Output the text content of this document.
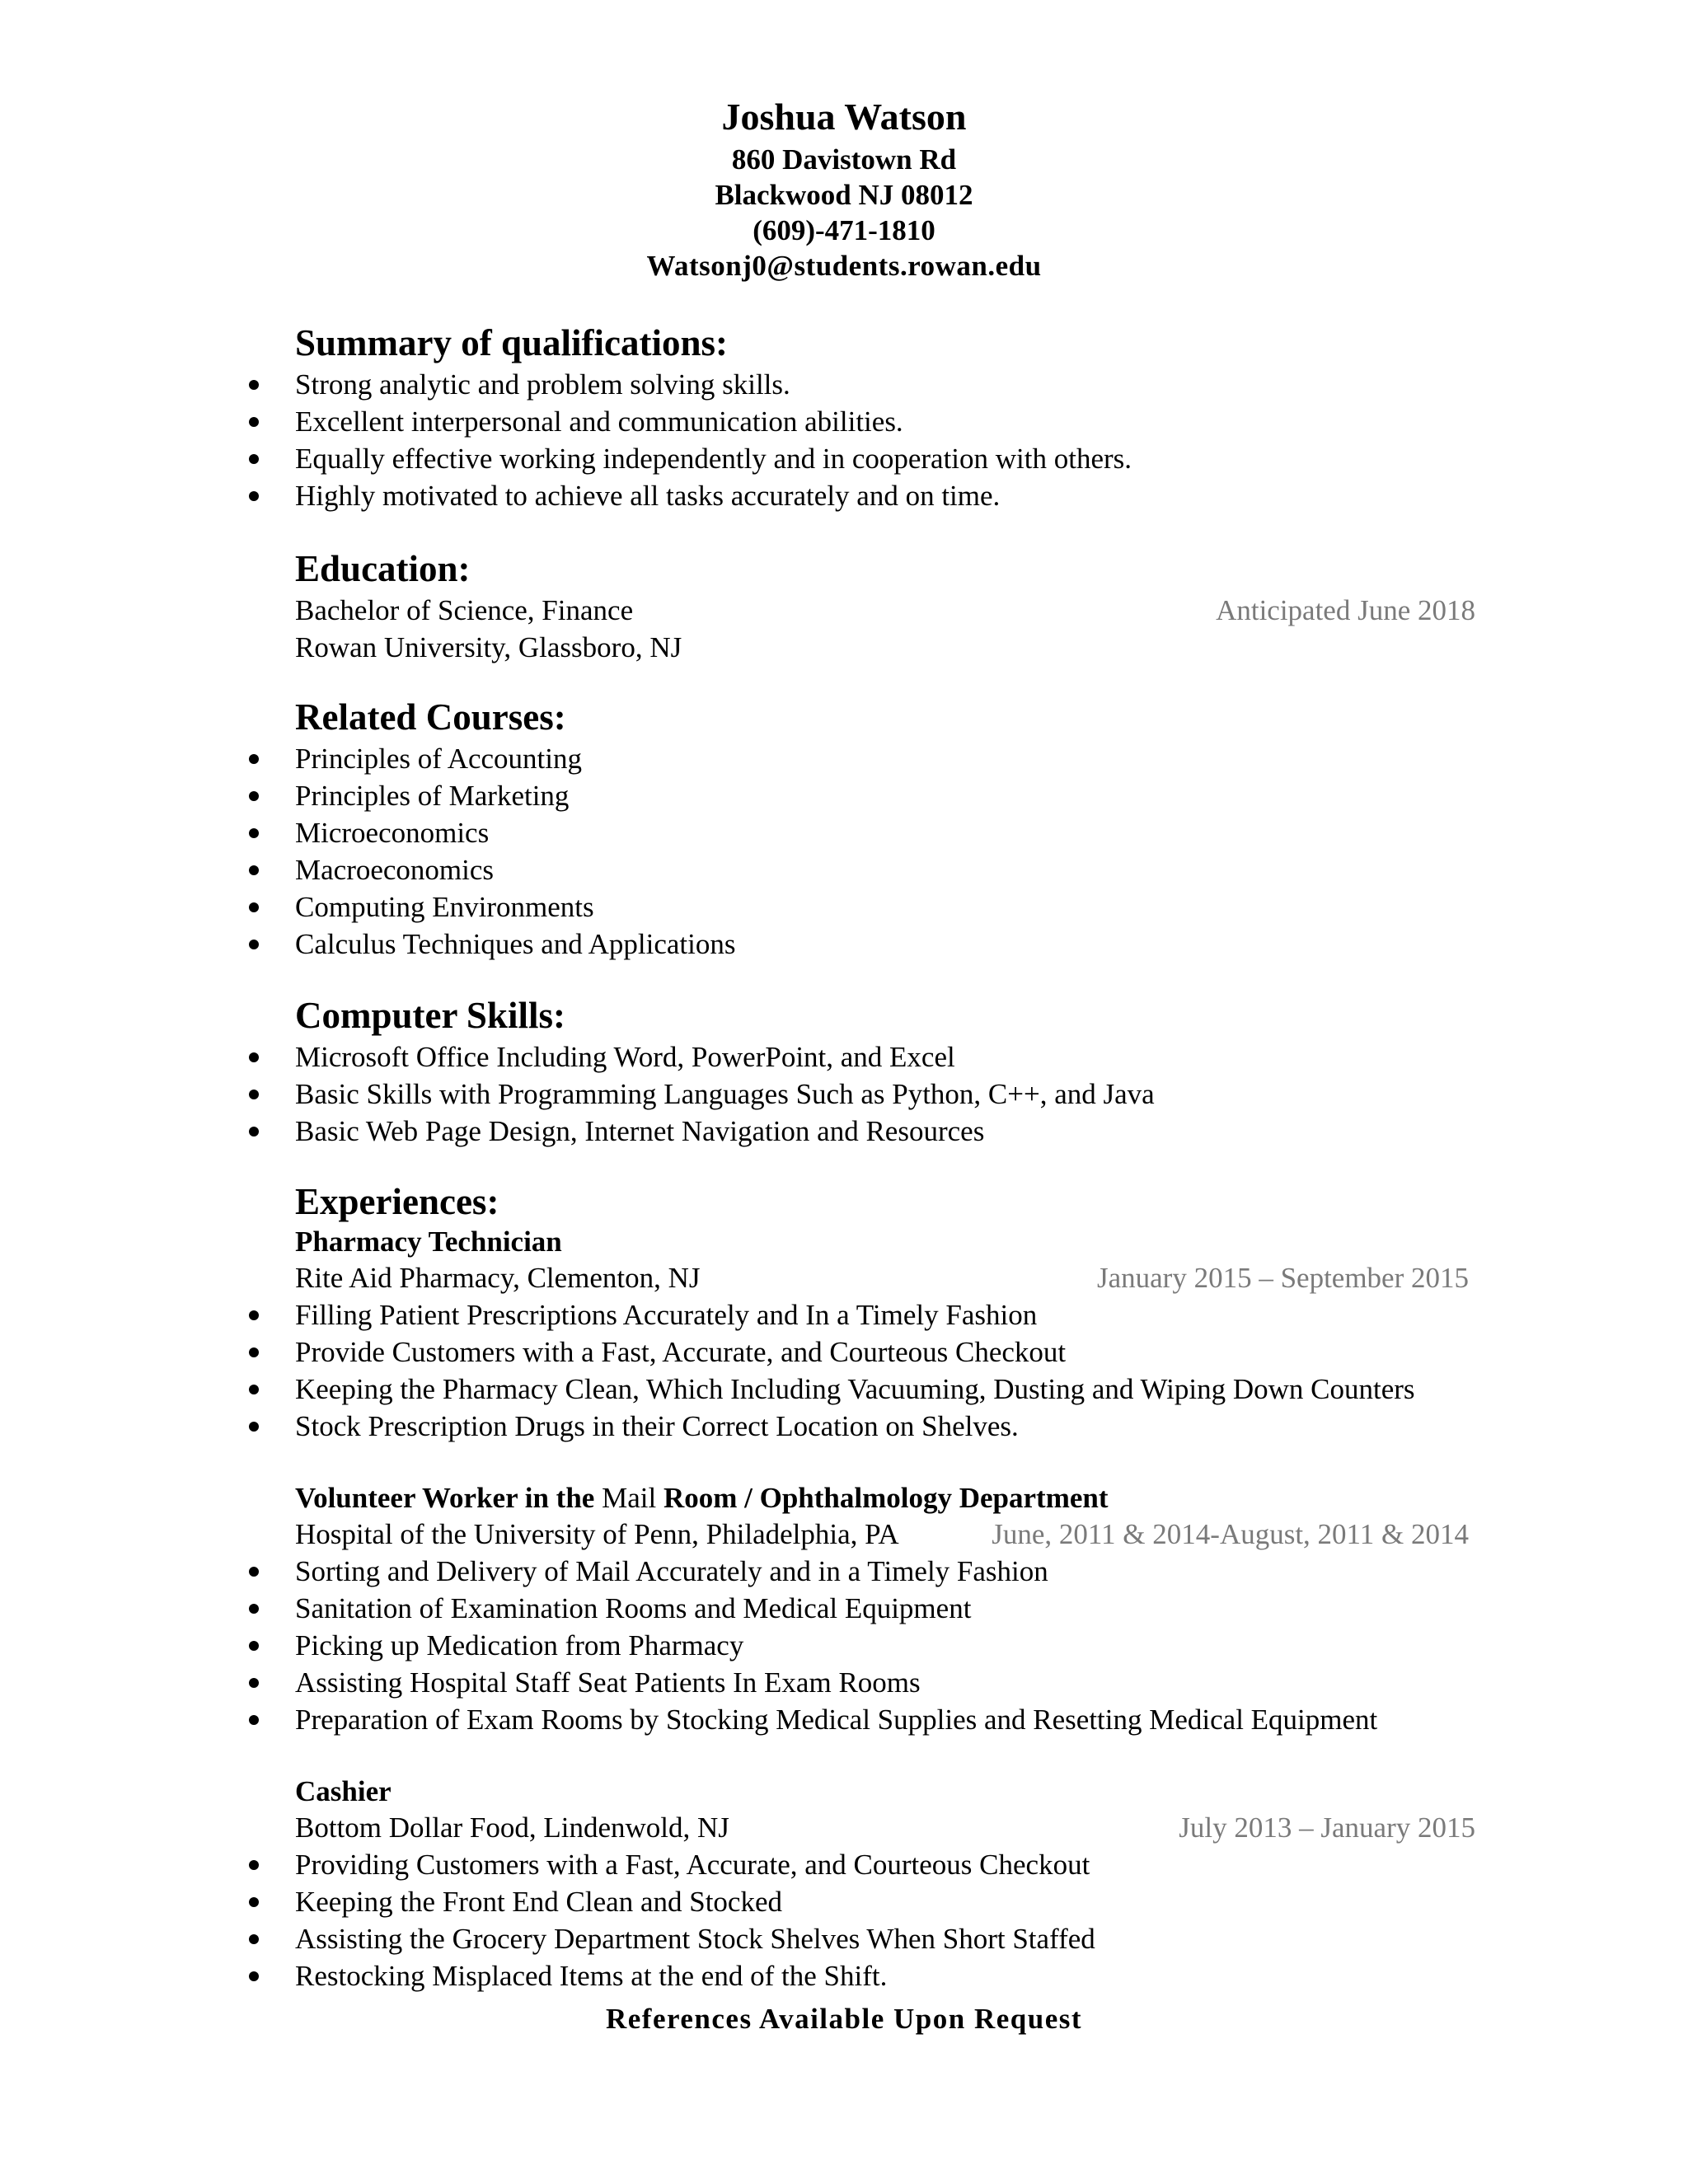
Joshua Watson
860 Davistown Rd
Blackwood NJ 08012
(609)-471-1810
Watsonj0@students.rowan.edu
Summary of qualifications:
Strong analytic and problem solving skills.
Excellent interpersonal and communication abilities.
Equally effective working independently and in cooperation with others.
Highly motivated to achieve all tasks accurately and on time.
Education:
Bachelor of Science, Finance	Anticipated June 2018
Rowan University, Glassboro, NJ
Related Courses:
Principles of Accounting
Principles of Marketing
Microeconomics
Macroeconomics
Computing Environments
Calculus Techniques and Applications
Computer Skills:
Microsoft Office Including Word, PowerPoint, and Excel
Basic Skills with Programming Languages Such as Python, C++, and Java
Basic Web Page Design, Internet Navigation and Resources
Experiences:
Pharmacy Technician
Rite Aid Pharmacy, Clementon, NJ	January 2015 – September 2015
Filling Patient Prescriptions Accurately and In a Timely Fashion
Provide Customers with a Fast, Accurate, and Courteous Checkout
Keeping the Pharmacy Clean, Which Including Vacuuming, Dusting and Wiping Down Counters
Stock Prescription Drugs in their Correct Location on Shelves.
Volunteer Worker in the Mail Room / Ophthalmology Department
Hospital of the University of Penn, Philadelphia, PA	June, 2011 & 2014-August, 2011 & 2014
Sorting and Delivery of Mail Accurately and in a Timely Fashion
Sanitation of Examination Rooms and Medical Equipment
Picking up Medication from Pharmacy
Assisting Hospital Staff Seat Patients In Exam Rooms
Preparation of Exam Rooms by Stocking Medical Supplies and Resetting Medical Equipment
Cashier
Bottom Dollar Food, Lindenwold, NJ	July 2013 – January 2015
Providing Customers with a Fast, Accurate, and Courteous Checkout
Keeping the Front End Clean and Stocked
Assisting the Grocery Department Stock Shelves When Short Staffed
Restocking Misplaced Items at the end of the Shift.
References Available Upon Request
